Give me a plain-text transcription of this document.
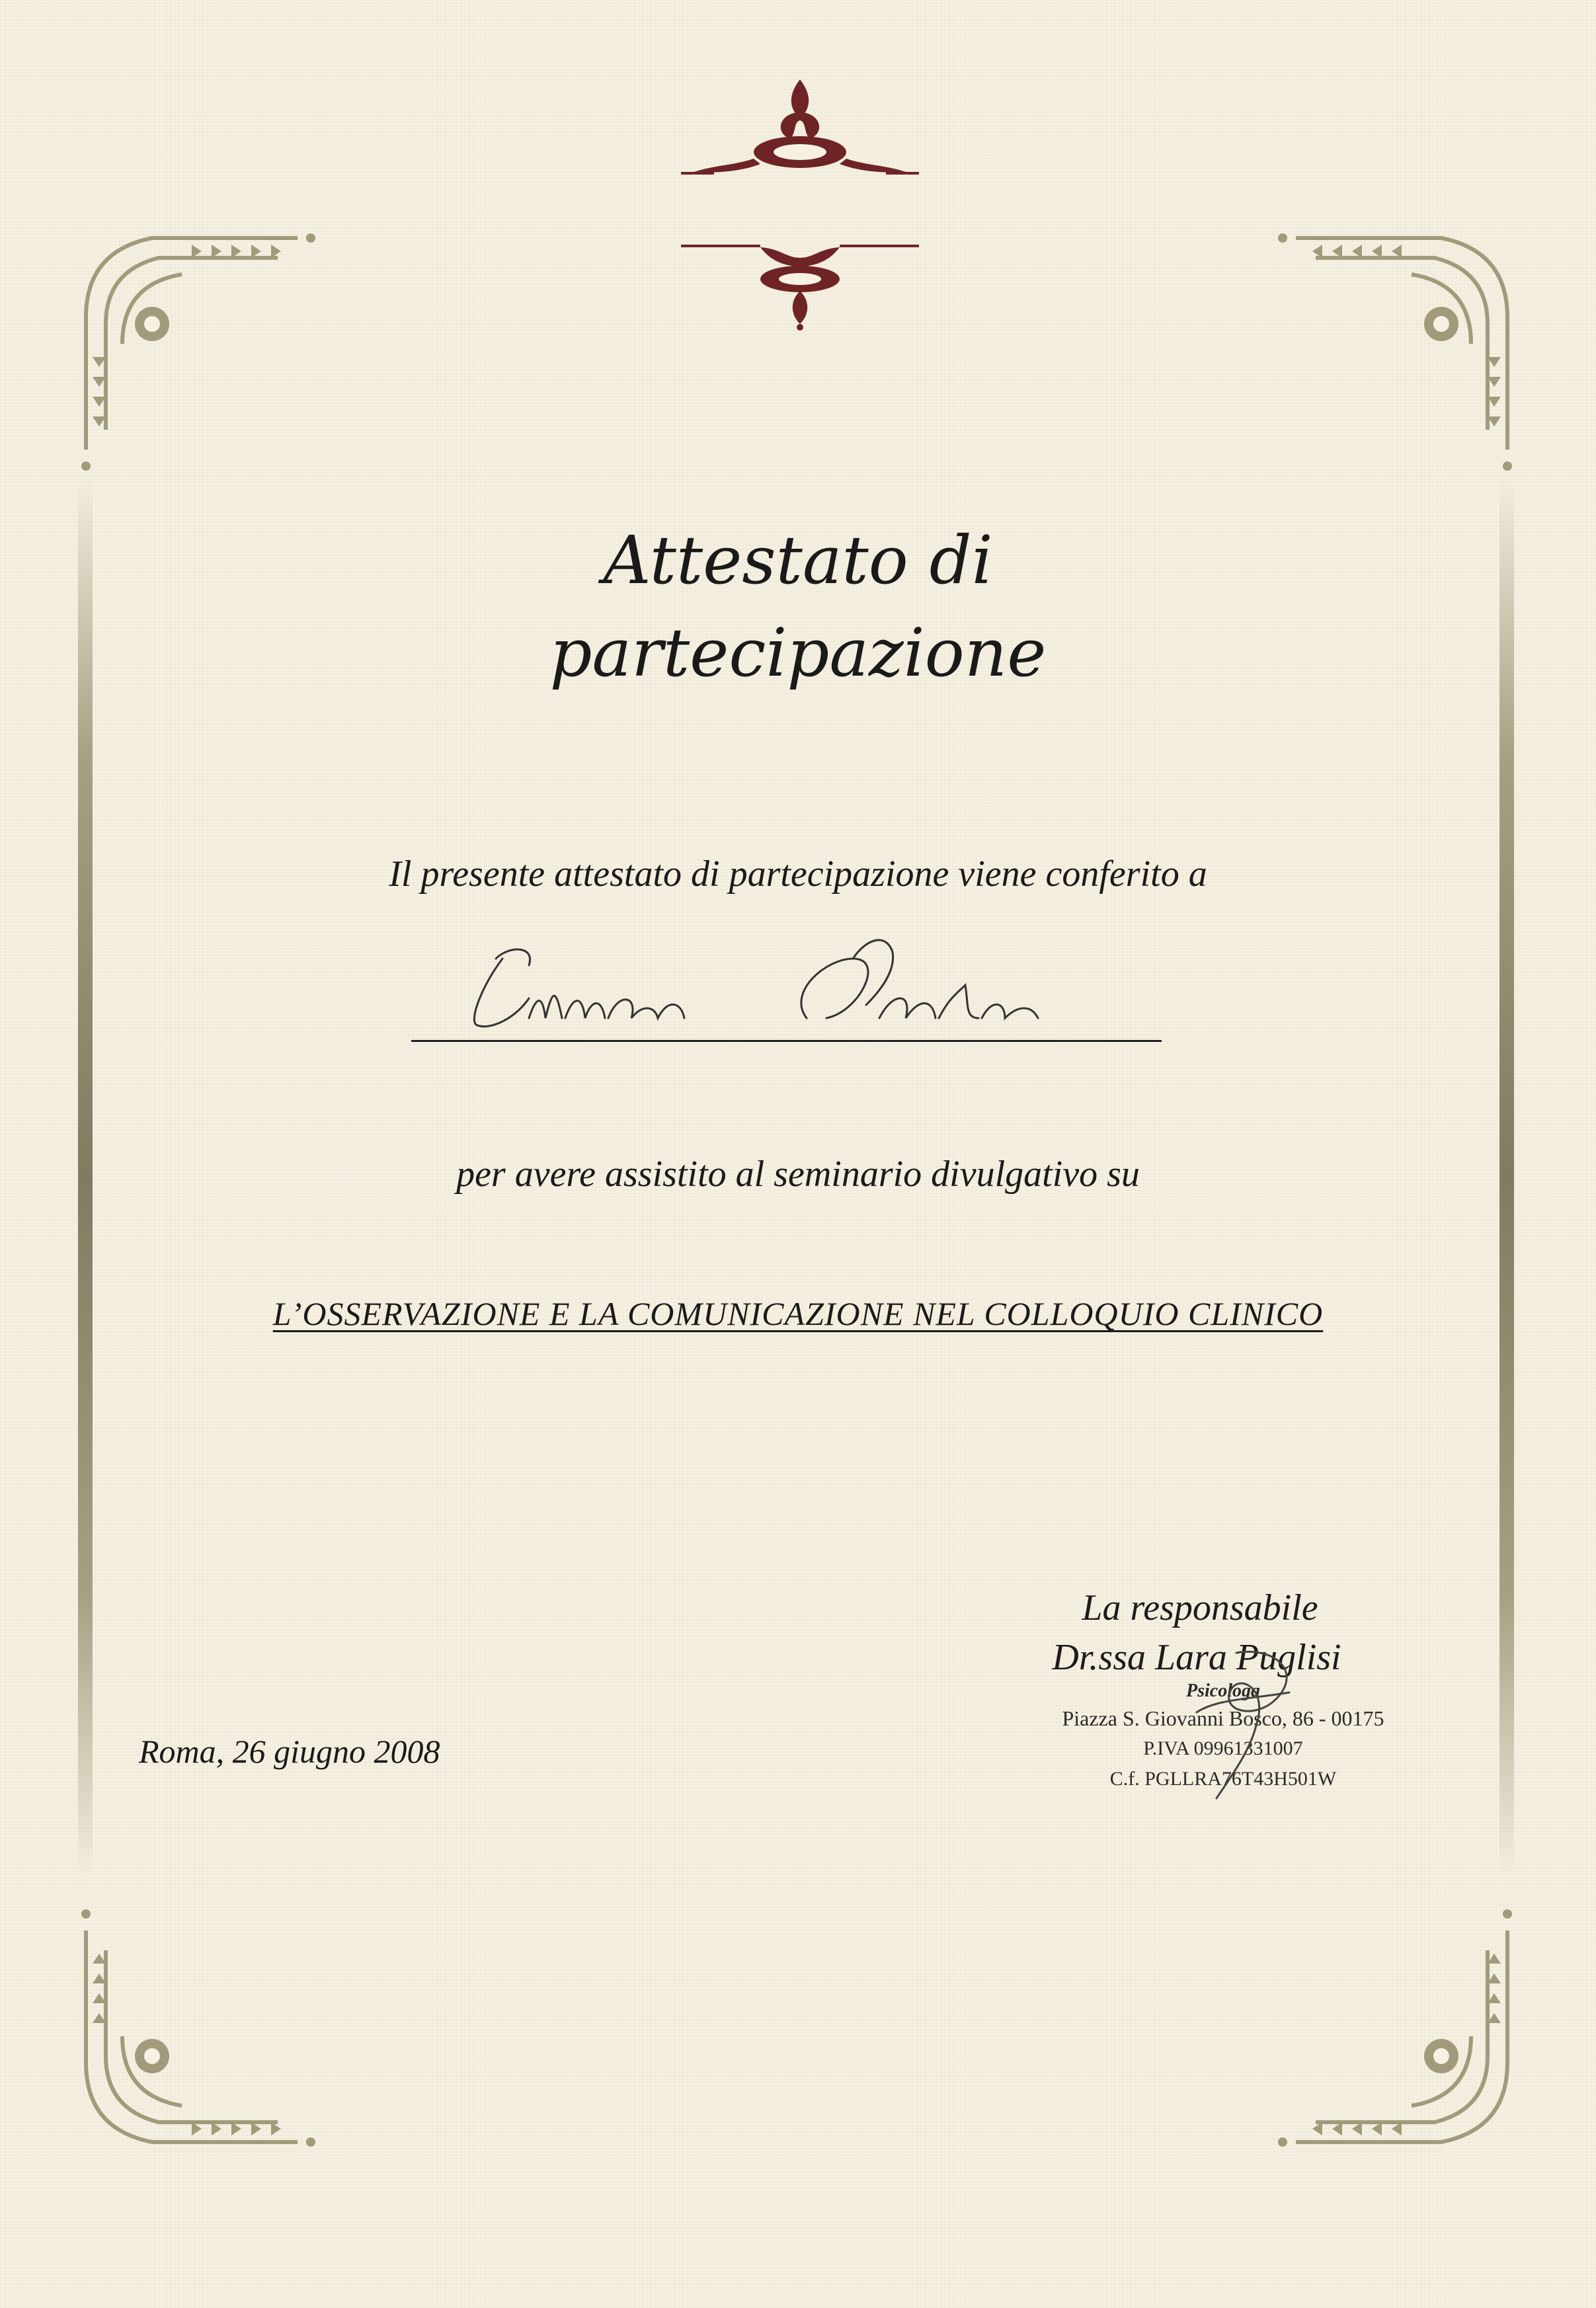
Attestato di
partecipazione
Il presente attestato di partecipazione viene conferito a
per avere assistito al seminario divulgativo su
L’OSSERVAZIONE E LA COMUNICAZIONE NEL COLLOQUIO CLINICO
La responsabile
Dr.ssa Lara Puglisi
Psicologa
Piazza S. Giovanni Bosco, 86 - 00175
P.IVA 09961331007
C.f. PGLLRA76T43H501W
Roma, 26 giugno 2008
